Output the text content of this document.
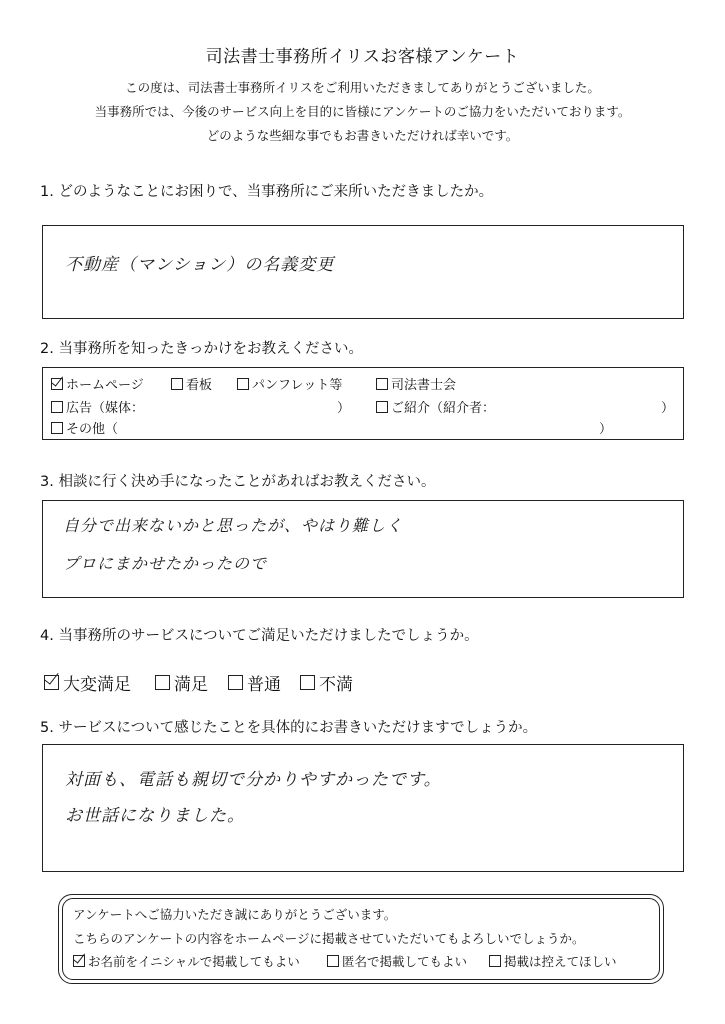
司法書士事務所イリスお客様アンケート
この度は、司法書士事務所イリスをご利用いただきましてありがとうございました。
当事務所では、今後のサービス向上を目的に皆様にアンケートのご協力をいただいております。
どのような些細な事でもお書きいただければ幸いです。
1. どのようなことにお困りで、当事務所にご来所いただきましたか。
不動産（マンション）の名義変更
2. 当事務所を知ったきっかけをお教えください。
ホームページ	看板	パンフレット等	司法書士会
広告（媒体：	）	ご紹介（紹介者：	）
その他（	）
3. 相談に行く決め手になったことがあればお教えください。
自分で出来ないかと思ったが、やはり難しく
プロにまかせたかったので
4. 当事務所のサービスについてご満足いただけましたでしょうか。
大変満足	満足 普通 不満
5. サービスについて感じたことを具体的にお書きいただけますでしょうか。
対面も、電話も親切で分かりやすかったです。
お世話になりました。
アンケートへご協力いただき誠にありがとうございます。
こちらのアンケートの内容をホームページに掲載させていただいてもよろしいでしょうか。
お名前をイニシャルで掲載してもよい	匿名で掲載してもよい	掲載は控えてほしい
